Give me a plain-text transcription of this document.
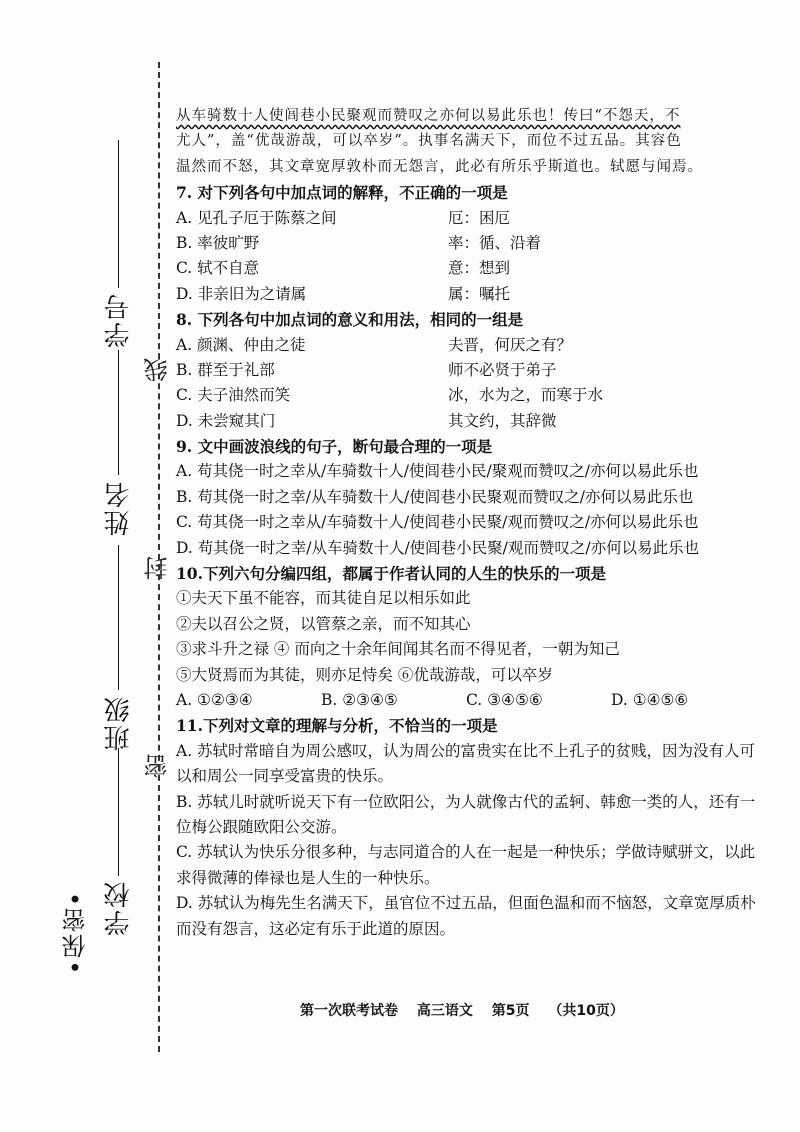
学号
姓名
班级
学校
•保密•
线
封
密
从车骑数十人使闾巷小民聚观而赞叹之亦何以易此乐也！传曰“不怨天，不
尤人”，盖“优哉游哉，可以卒岁”。执事名满天下，而位不过五品。其容色
温然而不怒，其文章宽厚敦朴而无怨言，此必有所乐乎斯道也。轼愿与闻焉。
7. 对下列各句中加点词的解释，不正确的一项是
A. 见孔子厄于陈蔡之间	厄：困厄
B. 率彼旷野	率：循、沿着
C. 轼不自意	意：想到
D. 非亲旧为之请属	属：嘱托
8. 下列各句中加点词的意义和用法，相同的一组是
A. 颜渊、仲由之徒	夫晋，何厌之有？
B. 群至于礼部	师不必贤于弟子
C. 夫子油然而笑	冰，水为之，而寒于水
D. 未尝窥其门	其文约，其辞微
9. 文中画波浪线的句子，断句最合理的一项是
A. 苟其侥一时之幸从/车骑数十人/使闾巷小民/聚观而赞叹之/亦何以易此乐也
B. 苟其侥一时之幸/从车骑数十人/使闾巷小民聚观而赞叹之/亦何以易此乐也
C. 苟其侥一时之幸从/车骑数十人/使闾巷小民聚/观而赞叹之/亦何以易此乐也
D. 苟其侥一时之幸/从车骑数十人/使闾巷小民聚/观而赞叹之/亦何以易此乐也
10.下列六句分编四组，都属于作者认同的人生的快乐的一项是
①夫天下虽不能容，而其徒自足以相乐如此
②夫以召公之贤，以管蔡之亲，而不知其心
③求斗升之禄 ④ 而向之十余年间闻其名而不得见者，一朝为知己
⑤大贤焉而为其徒，则亦足恃矣 ⑥优哉游哉，可以卒岁
A. ①②③④	B. ②③④⑤	C. ③④⑤⑥	D. ①④⑤⑥
11.下列对文章的理解与分析，不恰当的一项是
A. 苏轼时常暗自为周公感叹，认为周公的富贵实在比不上孔子的贫贱，因为没有人可以和周公一同享受富贵的快乐。
B. 苏轼儿时就听说天下有一位欧阳公，为人就像古代的孟轲、韩愈一类的人，还有一位梅公跟随欧阳公交游。
C. 苏轼认为快乐分很多种，与志同道合的人在一起是一种快乐；学做诗赋骈文，以此求得微薄的俸禄也是人生的一种快乐。
D. 苏轼认为梅先生名满天下，虽官位不过五品，但面色温和而不恼怒，文章宽厚质朴而没有怨言，这必定有乐于此道的原因。
第一次联考试卷 高三语文 第5页 （共10页）
